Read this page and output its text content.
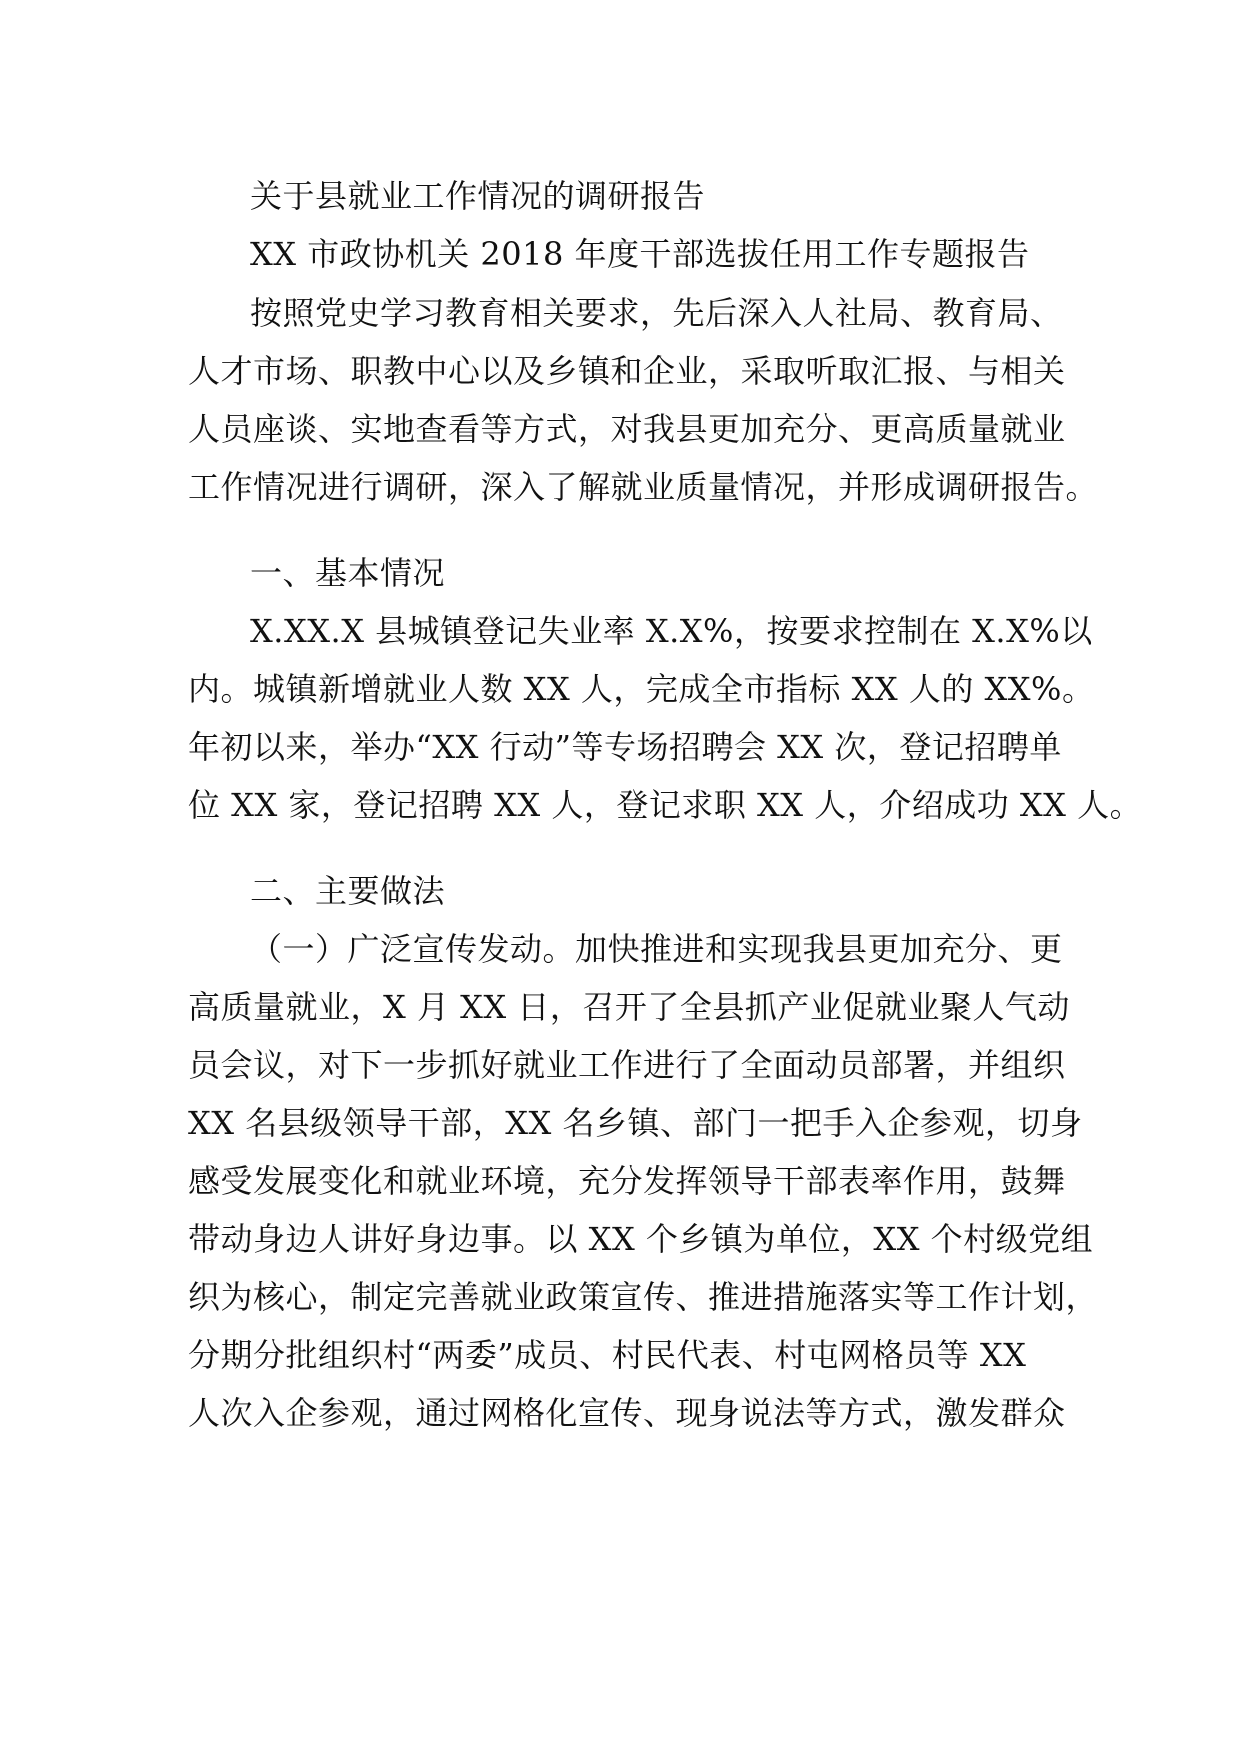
关于县就业工作情况的调研报告
XX 市政协机关 2018 年度干部选拔任用工作专题报告
按照党史学习教育相关要求，先后深入人社局、教育局、
人才市场、职教中心以及乡镇和企业，采取听取汇报、与相关
人员座谈、实地查看等方式，对我县更加充分、更高质量就业
工作情况进行调研，深入了解就业质量情况，并形成调研报告。
一、基本情况
X.XX.X 县城镇登记失业率 X.X%，按要求控制在 X.X%以
内。城镇新增就业人数 XX 人，完成全市指标 XX 人的 XX%。
年初以来，举办“XX 行动”等专场招聘会 XX 次，登记招聘单
位 XX 家，登记招聘 XX 人，登记求职 XX 人，介绍成功 XX 人。
二、主要做法
（一）广泛宣传发动。加快推进和实现我县更加充分、更
高质量就业，X 月 XX 日，召开了全县抓产业促就业聚人气动
员会议，对下一步抓好就业工作进行了全面动员部署，并组织
XX 名县级领导干部，XX 名乡镇、部门一把手入企参观，切身
感受发展变化和就业环境，充分发挥领导干部表率作用，鼓舞
带动身边人讲好身边事。以 XX 个乡镇为单位，XX 个村级党组
织为核心，制定完善就业政策宣传、推进措施落实等工作计划，
分期分批组织村“两委”成员、村民代表、村屯网格员等 XX
人次入企参观，通过网格化宣传、现身说法等方式，激发群众
